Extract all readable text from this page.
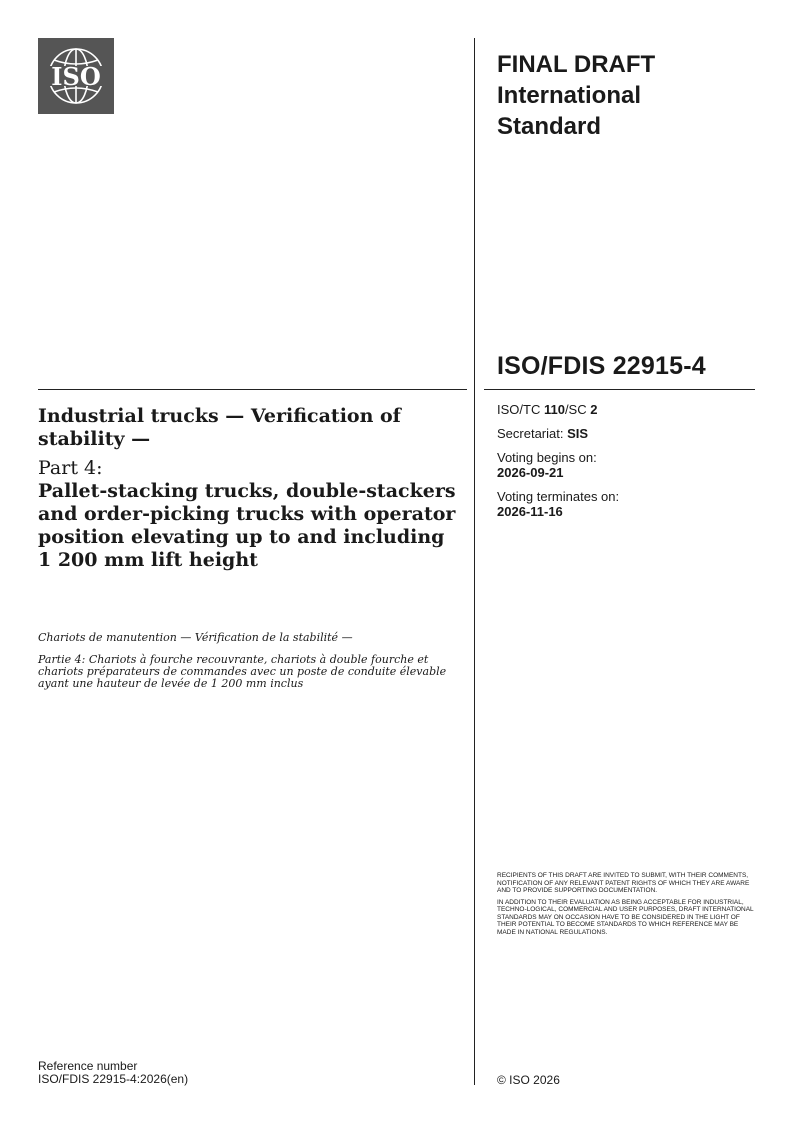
ISO	FINAL DRAFT
International
Standard
ISO/FDIS 22915-4
ISO/TC 110/SC 2
Secretariat: SIS
Voting begins on:
2026-09-21
Voting terminates on:
2026-11-16
Industrial trucks — Verification of stability —
Part 4:
Pallet-stacking trucks, double-stackers and order-picking trucks with operator position elevating up to and including 1 200 mm lift height
Chariots de manutention — Vérification de la stabilité —
Partie 4: Chariots à fourche recouvrante, chariots à double fourche et chariots préparateurs de commandes avec un poste de conduite élevable ayant une hauteur de levée de 1 200 mm inclus

RECIPIENTS OF THIS DRAFT ARE INVITED TO SUBMIT, WITH THEIR COMMENTS, NOTIFICATION OF ANY RELEVANT PATENT RIGHTS OF WHICH THEY ARE AWARE AND TO PROVIDE SUPPORTING DOCUMENTATION.

IN ADDITION TO THEIR EVALUATION AS BEING ACCEPTABLE FOR INDUSTRIAL, TECHNO-LOGICAL, COMMERCIAL AND USER PURPOSES, DRAFT INTERNATIONAL STANDARDS MAY ON OCCASION HAVE TO BE CONSIDERED IN THE LIGHT OF THEIR POTENTIAL TO BECOME STANDARDS TO WHICH REFERENCE MAY BE MADE IN NATIONAL REGULATIONS.

Reference number
ISO/FDIS 22915-4:2026(en)	© ISO 2026
